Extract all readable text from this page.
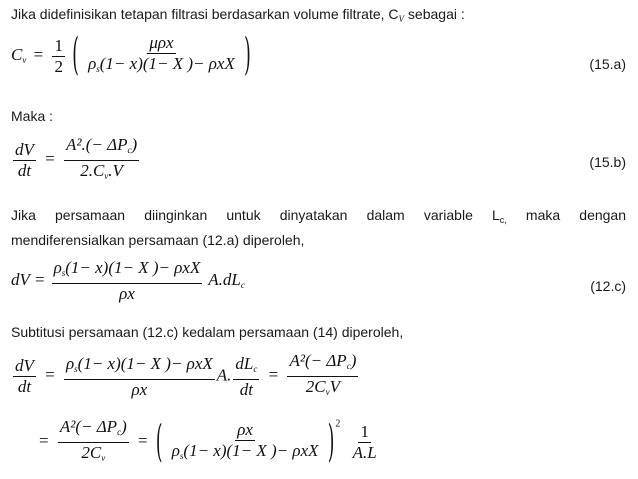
Jika didefinisikan tetapan filtrasi berdasarkan volume filtrate, $C_V$ sebagai :
$C_v = \frac{1}{2}$ ( $\frac{\text{μρx}}{\rho_s(1- x)(1- X )- \rho xX}$ )	(15.a)
Maka :
$\frac{dV}{dt} = \frac{A^2.(- \Delta P_c)}{2.C_v.V}$	(15.b)
Jika persamaan diinginkan untuk dinyatakan dalam variable $L_{c,}$ maka dengan
mendiferensialkan persamaan (12.a) diperoleh,
dV = $\frac{\rho_s(1- x)(1- X )- \rho xX}{\rho x} A.dL_c$	(12.c)
Subtitusi persamaan (12.c) kedalam persamaan (14) diperoleh,
$\frac{dV}{dt} = \frac{\rho_s(1- x)(1- X )- \rho xX}{\rho x} A$. $\frac{dL_c}{dt} = \frac{A^2(- \Delta P_c)}{2C_vV}$
= $\frac{A^2(- \Delta P_c)}{2C_v}$ = ( $\frac{\rho x}{\rho_s(1- x)(1- X )- \rho xX} )^2 \frac{1}{A.L}$
